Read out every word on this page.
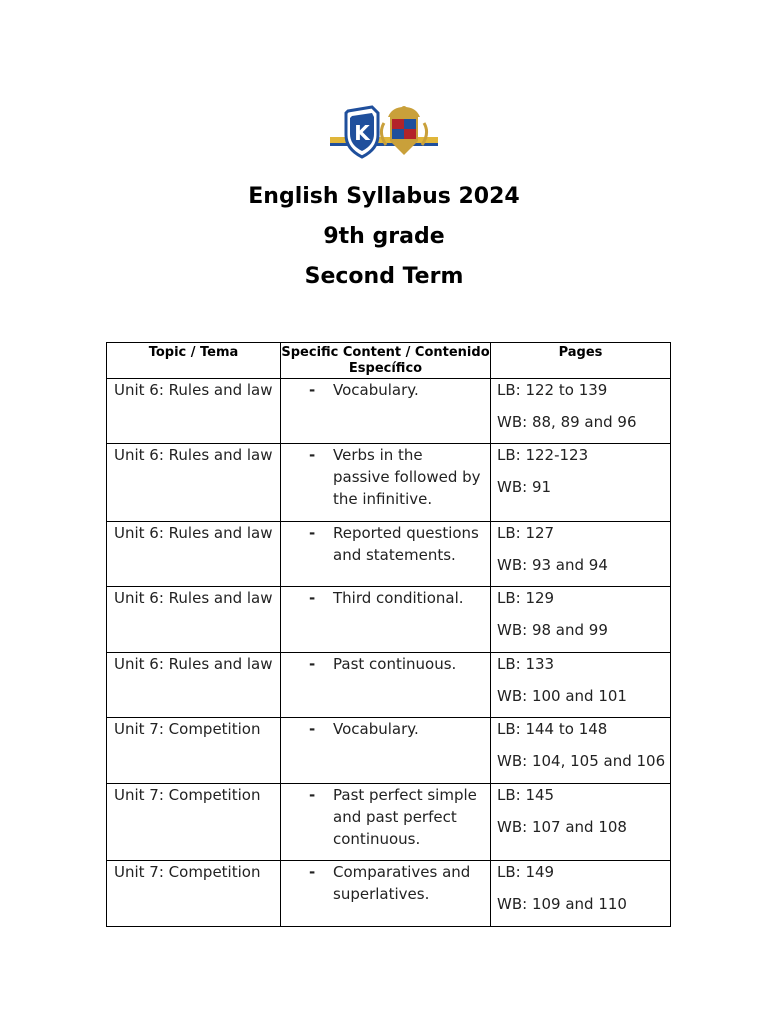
K
English Syllabus 2024
9th grade
Second Term
Topic / Tema	Specific Content / Contenido Específico	Pages
Unit 6: Rules and law	- Vocabulary.	LB: 122 to 139
WB: 88, 89 and 96

Unit 6: Rules and law	- Verbs in the passive followed by the infinitive.	LB: 122-123
WB: 91

Unit 6: Rules and law	- Reported questions and statements.	LB: 127
WB: 93 and 94

Unit 6: Rules and law	- Third conditional.	LB: 129
WB: 98 and 99

Unit 6: Rules and law	- Past continuous.	LB: 133
WB: 100 and 101

Unit 7: Competition	- Vocabulary.	LB: 144 to 148
WB: 104, 105 and 106

Unit 7: Competition	- Past perfect simple and past perfect continuous.	LB: 145
WB: 107 and 108

Unit 7: Competition	- Comparatives and superlatives.	LB: 149
WB: 109 and 110
